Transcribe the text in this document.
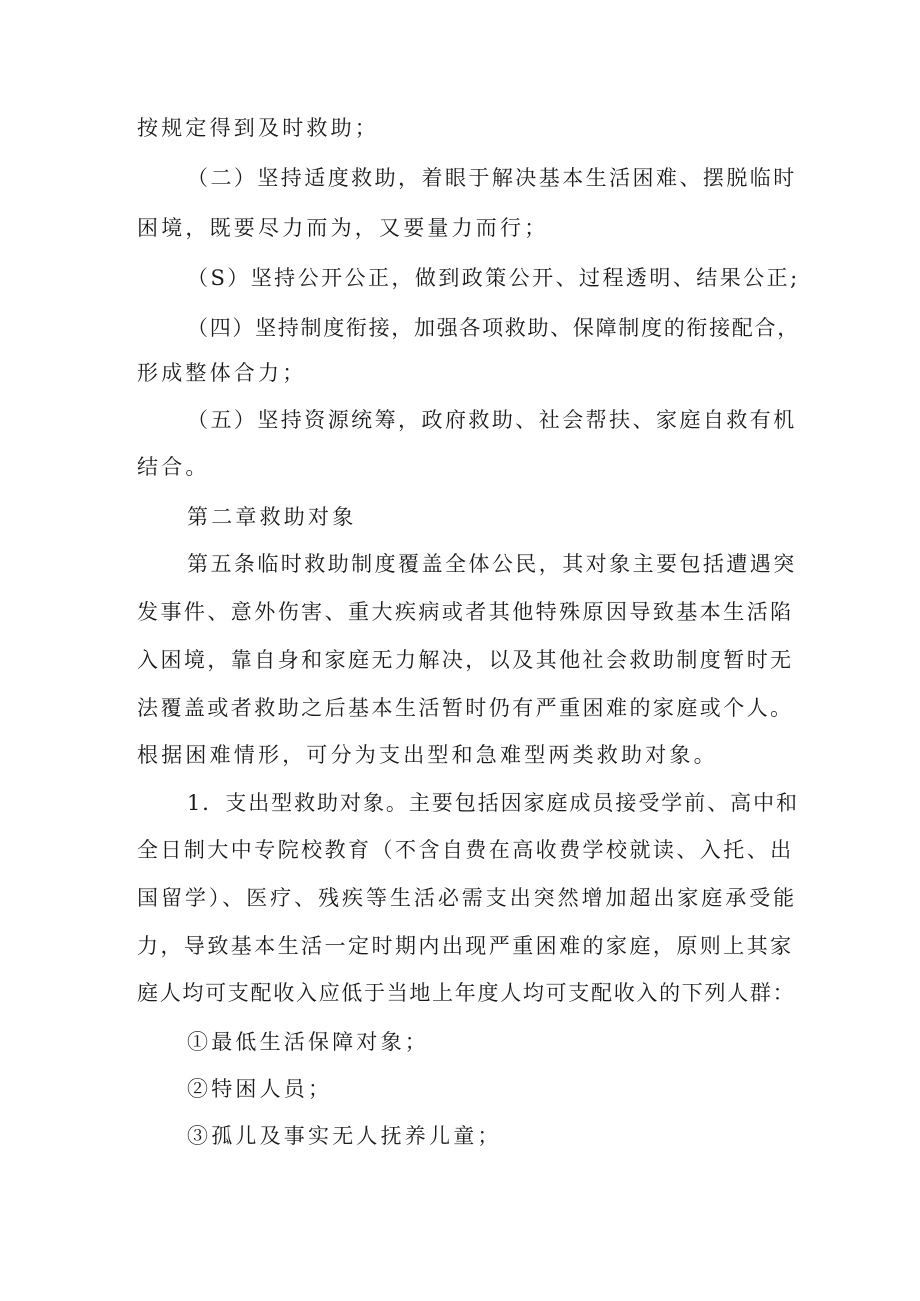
按规定得到及时救助；
（二）坚持适度救助，着眼于解决基本生活困难、摆脱临时
困境，既要尽力而为，又要量力而行；
（S）坚持公开公正，做到政策公开、过程透明、结果公正;
（四）坚持制度衔接，加强各项救助、保障制度的衔接配合，
形成整体合力；
（五）坚持资源统筹，政府救助、社会帮扶、家庭自救有机
结合。
第二章救助对象
第五条临时救助制度覆盖全体公民，其对象主要包括遭遇突
发事件、意外伤害、重大疾病或者其他特殊原因导致基本生活陷
入困境，靠自身和家庭无力解决，以及其他社会救助制度暂时无
法覆盖或者救助之后基本生活暂时仍有严重困难的家庭或个人。
根据困难情形，可分为支出型和急难型两类救助对象。
1．支出型救助对象。主要包括因家庭成员接受学前、高中和
全日制大中专院校教育（不含自费在高收费学校就读、入托、出
国留学）、医疗、残疾等生活必需支出突然增加超出家庭承受能
力，导致基本生活一定时期内出现严重困难的家庭，原则上其家
庭人均可支配收入应低于当地上年度人均可支配收入的下列人群：
①最低生活保障对象；
②特困人员；
③孤儿及事实无人抚养儿童；
